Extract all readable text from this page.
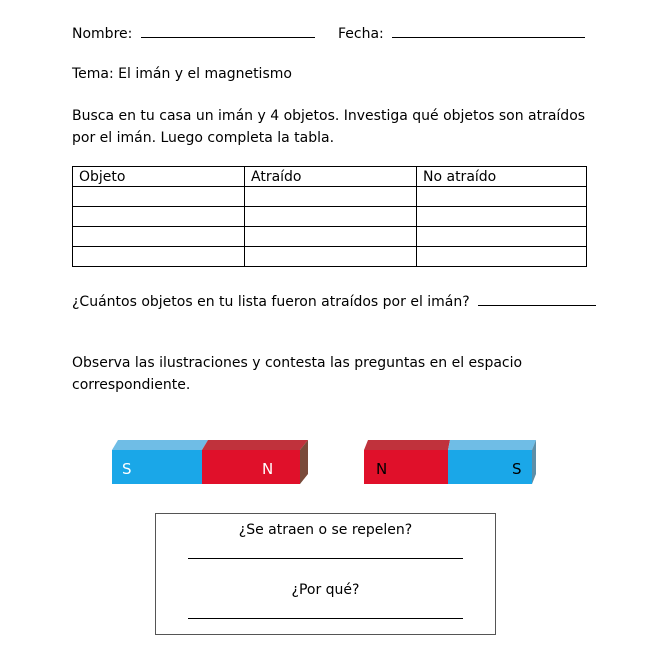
Nombre:	Fecha:
Tema: El imán y el magnetismo
Busca en tu casa un imán y 4 objetos. Investiga qué objetos son atraídos
por el imán. Luego completa la tabla.
Objeto	Atraído	No atraído

¿Cuántos objetos en tu lista fueron atraídos por el imán?
Observa las ilustraciones y contesta las preguntas en el espacio
correspondiente.
S	N	N	S
¿Se atraen o se repelen?
¿Por qué?
